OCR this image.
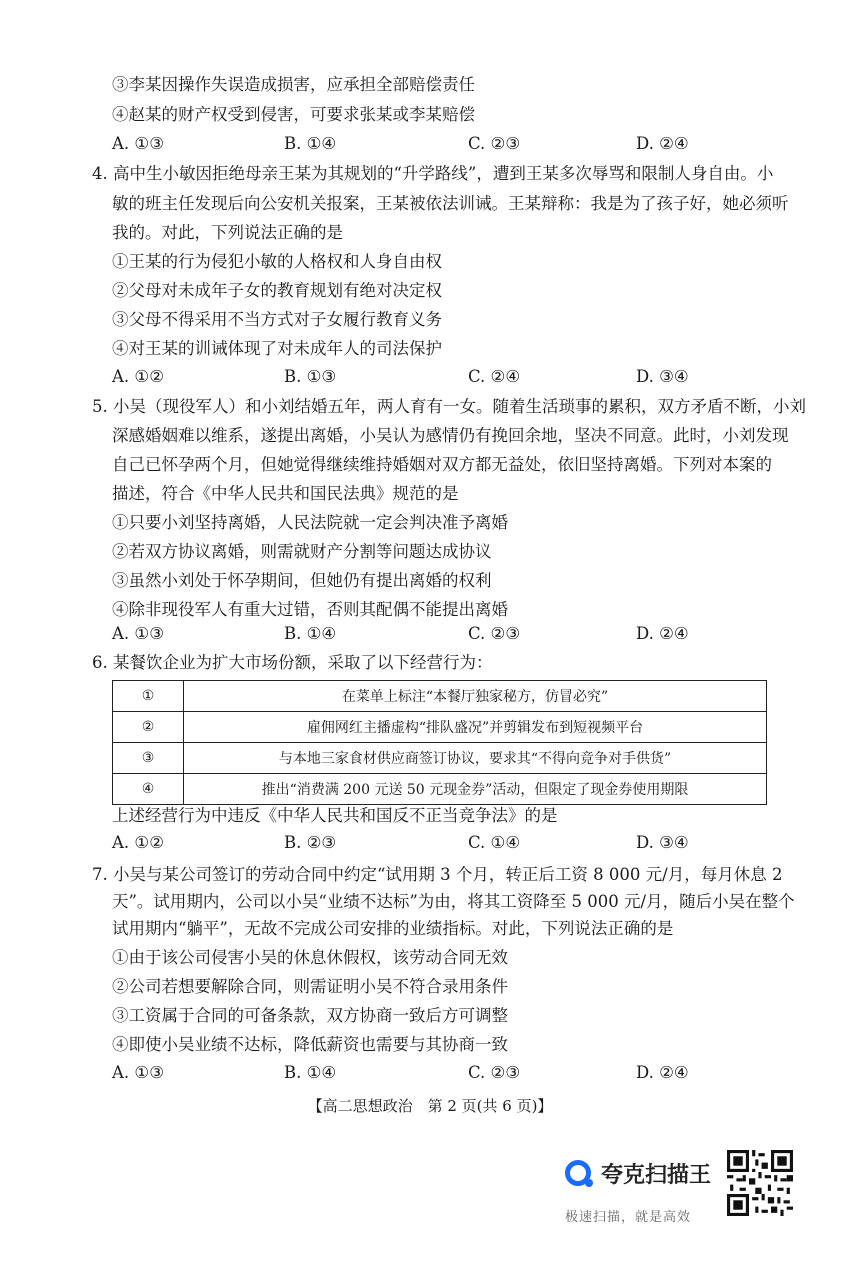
③李某因操作失误造成损害，应承担全部赔偿责任
④赵某的财产权受到侵害，可要求张某或李某赔偿
A. ①③	B. ①④	C. ②③	D. ②④
4. 高中生小敏因拒绝母亲王某为其规划的“升学路线”，遭到王某多次辱骂和限制人身自由。小
敏的班主任发现后向公安机关报案，王某被依法训诫。王某辩称：我是为了孩子好，她必须听
我的。对此，下列说法正确的是
①王某的行为侵犯小敏的人格权和人身自由权
②父母对未成年子女的教育规划有绝对决定权
③父母不得采用不当方式对子女履行教育义务
④对王某的训诫体现了对未成年人的司法保护
A. ①②	B. ①③	C. ②④	D. ③④
5. 小吴（现役军人）和小刘结婚五年，两人育有一女。随着生活琐事的累积，双方矛盾不断，小刘
深感婚姻难以维系，遂提出离婚，小吴认为感情仍有挽回余地，坚决不同意。此时，小刘发现
自己已怀孕两个月，但她觉得继续维持婚姻对双方都无益处，依旧坚持离婚。下列对本案的
描述，符合《中华人民共和国民法典》规范的是
①只要小刘坚持离婚，人民法院就一定会判决准予离婚
②若双方协议离婚，则需就财产分割等问题达成协议
③虽然小刘处于怀孕期间，但她仍有提出离婚的权利
④除非现役军人有重大过错，否则其配偶不能提出离婚
A. ①③	B. ①④	C. ②③	D. ②④
6. 某餐饮企业为扩大市场份额，采取了以下经营行为：
①	在菜单上标注“本餐厅独家秘方，仿冒必究”
②	雇佣网红主播虚构“排队盛况”并剪辑发布到短视频平台
③	与本地三家食材供应商签订协议，要求其“不得向竞争对手供货”
④	推出“消费满 200 元送 50 元现金券”活动，但限定了现金券使用期限
上述经营行为中违反《中华人民共和国反不正当竞争法》的是
A. ①②	B. ②③	C. ①④	D. ③④
7. 小吴与某公司签订的劳动合同中约定“试用期 3 个月，转正后工资 8 000 元/月，每月休息 2
天”。试用期内，公司以小吴“业绩不达标”为由，将其工资降至 5 000 元/月，随后小吴在整个
试用期内“躺平”，无故不完成公司安排的业绩指标。对此，下列说法正确的是
①由于该公司侵害小吴的休息休假权，该劳动合同无效
②公司若想要解除合同，则需证明小吴不符合录用条件
③工资属于合同的可备条款，双方协商一致后方可调整
④即使小吴业绩不达标，降低薪资也需要与其协商一致
A. ①③	B. ①④	C. ②③	D. ②④
【高二思想政治　第 2 页(共 6 页)】
夸克扫描王
极速扫描，就是高效
